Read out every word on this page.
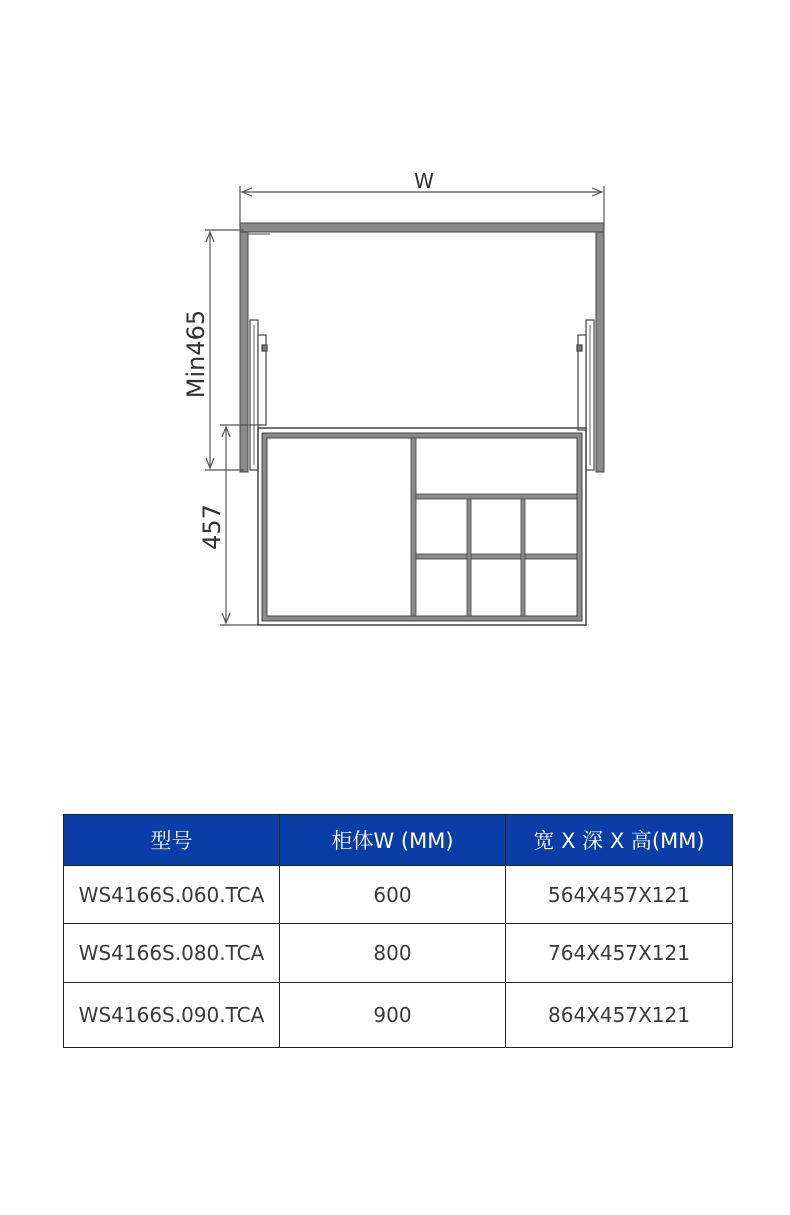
W
Min465
457
型号	柜体W (MM)	宽 X 深 X 高(MM)
WS4166S.060.TCA	600	564X457X121
WS4166S.080.TCA	800	764X457X121
WS4166S.090.TCA	900	864X457X121
